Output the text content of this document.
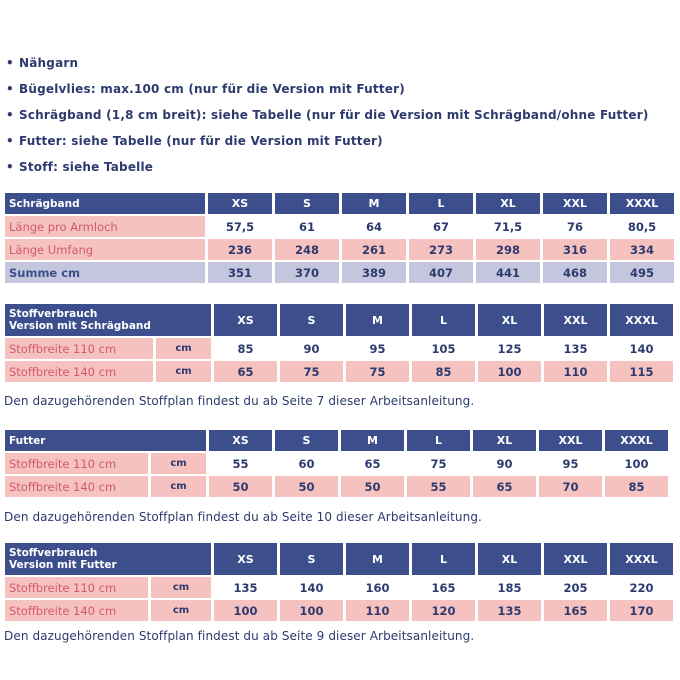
• Nähgarn
• Bügelvlies: max.100 cm (nur für die Version mit Futter)
• Schrägband (1,8 cm breit): siehe Tabelle (nur für die Version mit Schrägband/ohne Futter)
• Futter: siehe Tabelle (nur für die Version mit Futter)
• Stoff: siehe Tabelle
Schrägband	XS	S	M	L	XL	XXL	XXXL
Länge pro Armloch	57,5	61	64	67	71,5	76	80,5
Länge Umfang	236	248	261	273	298	316	334
Summe cm	351	370	389	407	441	468	495
Stoffverbrauch
Version mit Schrägband		XS	S	M	L	XL	XXL	XXXL
Stoffbreite 110 cm	cm	85	90	95	105	125	135	140
Stoffbreite 140 cm	cm	65	75	75	85	100	110	115
Den dazugehörenden Stoffplan findest du ab Seite 7 dieser Arbeitsanleitung.
Futter		XS	S	M	L	XL	XXL	XXXL
Stoffbreite 110 cm	cm	55	60	65	75	90	95	100
Stoffbreite 140 cm	cm	50	50	50	55	65	70	85
Den dazugehörenden Stoffplan findest du ab Seite 10 dieser Arbeitsanleitung.
Stoffverbrauch
Version mit Futter		XS	S	M	L	XL	XXL	XXXL
Stoffbreite 110 cm	cm	135	140	160	165	185	205	220
Stoffbreite 140 cm	cm	100	100	110	120	135	165	170
Den dazugehörenden Stoffplan findest du ab Seite 9 dieser Arbeitsanleitung.
